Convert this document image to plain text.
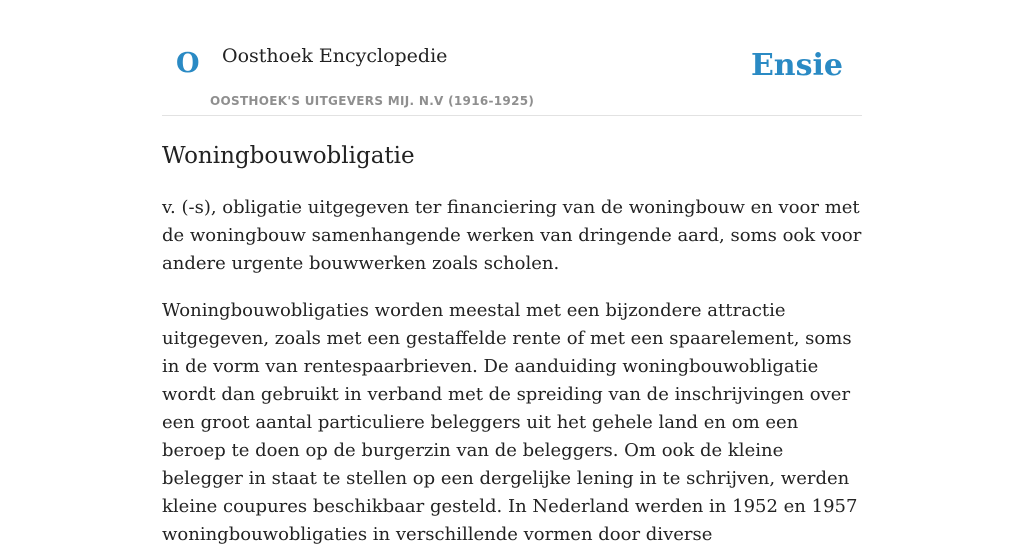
O Oosthoek Encyclopedie
OOSTHOEK'S UITGEVERS MIJ. N.V (1916-1925)
Ensie
Woningbouwobligatie

v. (-s), obligatie uitgegeven ter financiering van de woningbouw en voor met de woningbouw samenhangende werken van dringende aard, soms ook voor andere urgente bouwwerken zoals scholen.

Woningbouwobligaties worden meestal met een bijzondere attractie uitgegeven, zoals met een gestaffelde rente of met een spaarelement, soms in de vorm van rentespaarbrieven. De aanduiding woningbouwobligatie wordt dan gebruikt in verband met de spreiding van de inschrijvingen over een groot aantal particuliere beleggers uit het gehele land en om een beroep te doen op de burgerzin van de beleggers. Om ook de kleine belegger in staat te stellen op een dergelijke lening in te schrijven, werden kleine coupures beschikbaar gesteld. In Nederland werden in 1952 en 1957 woningbouwobligaties in verschillende vormen door diverse
